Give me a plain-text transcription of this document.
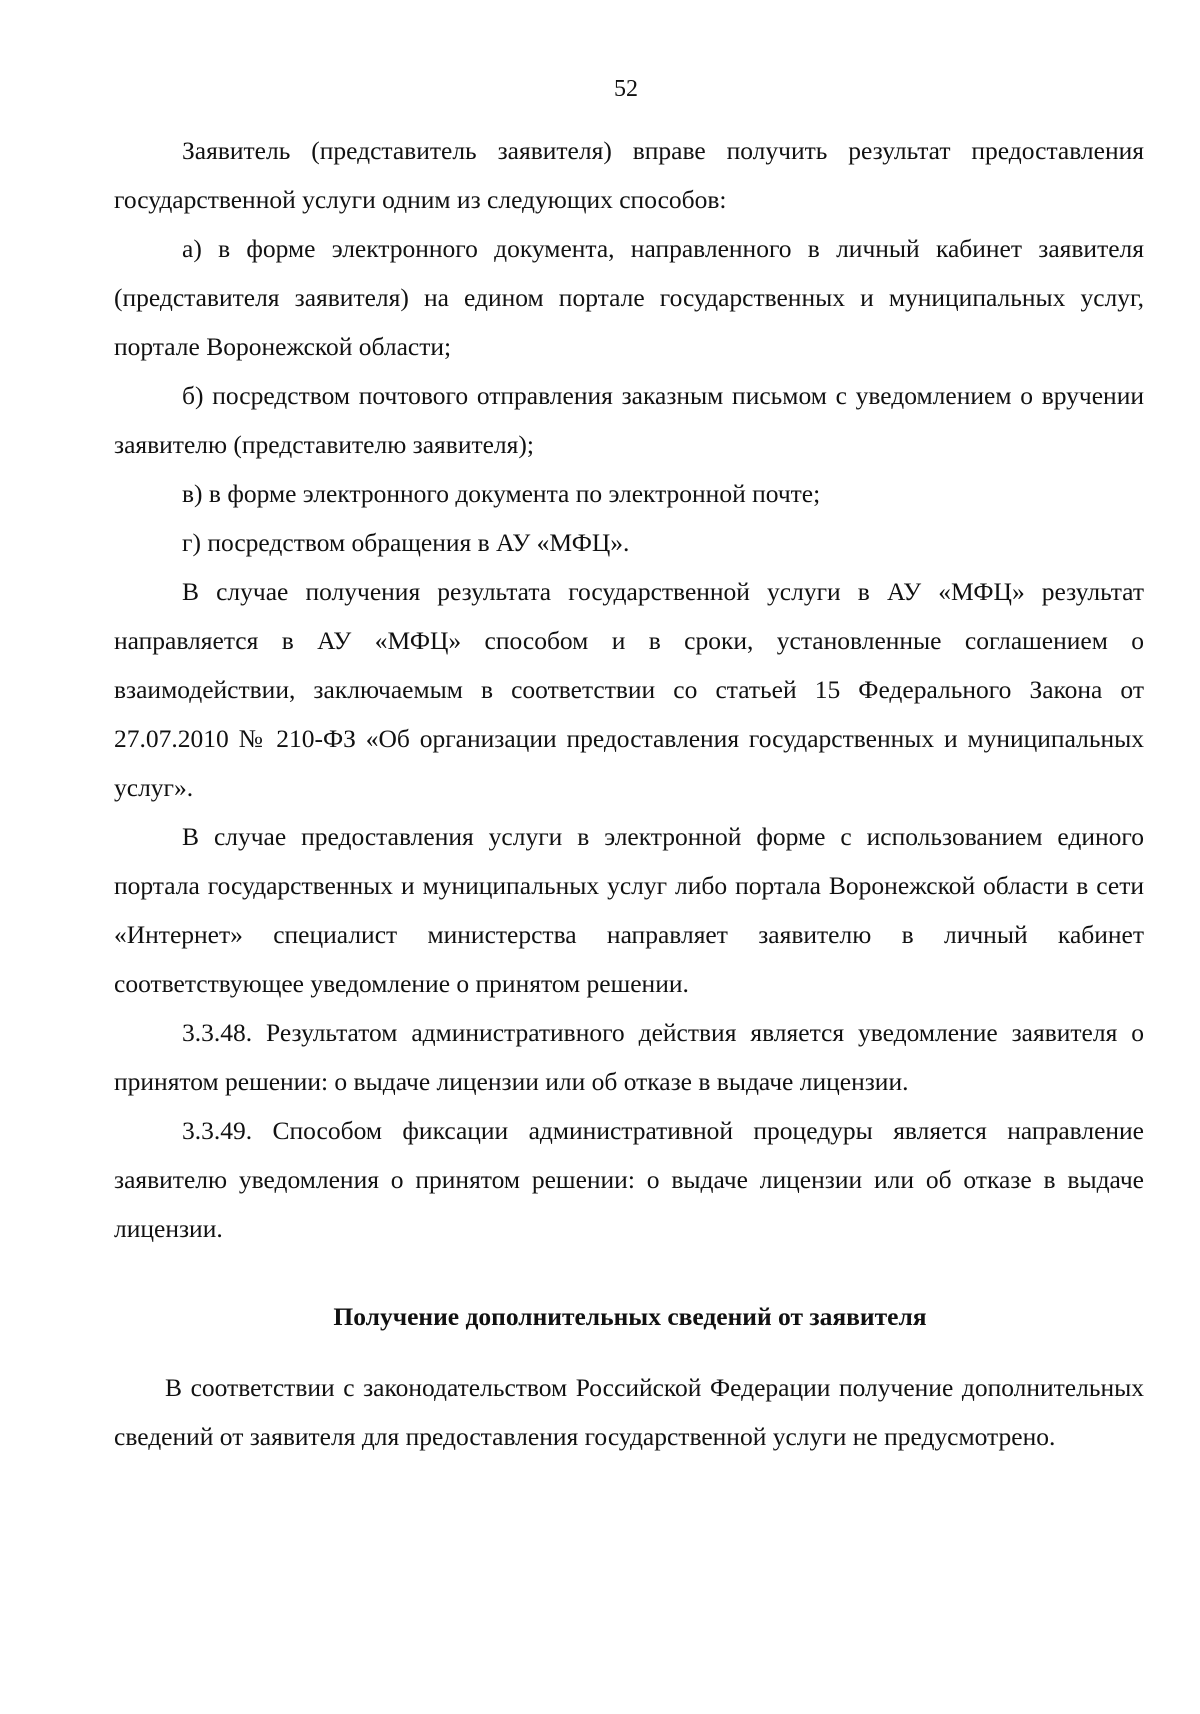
52

Заявитель (представитель заявителя) вправе получить результат предоставления государственной услуги одним из следующих способов:

а) в форме электронного документа, направленного в личный кабинет заявителя (представителя заявителя) на едином портале государственных и муниципальных услуг, портале Воронежской области;

б) посредством почтового отправления заказным письмом с уведомлением о вручении заявителю (представителю заявителя);

в) в форме электронного документа по электронной почте;

г) посредством обращения в АУ «МФЦ».

В случае получения результата государственной услуги в АУ «МФЦ» результат направляется в АУ «МФЦ» способом и в сроки, установленные соглашением о взаимодействии, заключаемым в соответствии со статьей 15 Федерального Закона от 27.07.2010 № 210-ФЗ «Об организации предоставления государственных и муниципальных услуг».

В случае предоставления услуги в электронной форме с использованием единого портала государственных и муниципальных услуг либо портала Воронежской области в сети «Интернет» специалист министерства направляет заявителю в личный кабинет соответствующее уведомление о принятом решении.

3.3.48. Результатом административного действия является уведомление заявителя о принятом решении: о выдаче лицензии или об отказе в выдаче лицензии.

3.3.49. Способом фиксации административной процедуры является направление заявителю уведомления о принятом решении: о выдаче лицензии или об отказе в выдаче лицензии.

Получение дополнительных сведений от заявителя

В соответствии с законодательством Российской Федерации получение дополнительных сведений от заявителя для предоставления государственной услуги не предусмотрено.
